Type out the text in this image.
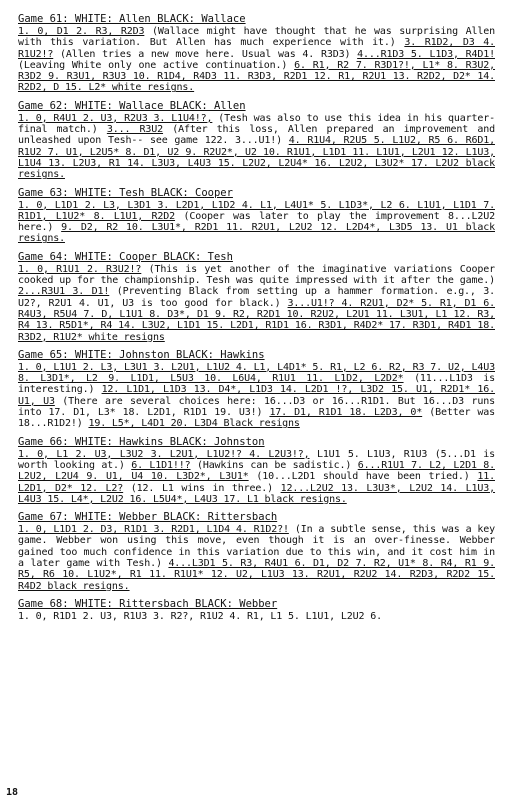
Game 61: WHITE: Allen BLACK: Wallace
1. 0, D1 2. R3, R2D3 (Wallace might have thought that he was surprising Allen with this variation. But Allen has much experience with it.) 3. R1D2, D3 4. R1U2!? (Allen tries a new move here. Usual was 4. R3D3) 4...R1D3 5. L1D3, R4D1! (Leaving White only one active continuation.) 6. R1, R2 7. R3D1?!, L1* 8. R3U2, R3D2 9. R3U1, R3U3 10. R1D4, R4D3 11. R3D3, R2D1 12. R1, R2U1 13. R2D2, D2* 14. R2D2, D 15. L2* white resigns.
Game 62: WHITE: Wallace BLACK: Allen
1. 0, R4U1 2. U3, R2U3 3. L1U4!?, (Tesh was also to use this idea in his quarter-final match.) 3... R3U2 (After this loss, Allen prepared an improvement and unleashed upon Tesh-- see game 122. 3...U1!) 4. R1U4, R2U5 5. L1U2, R5 6. R6D1, R1U2 7. U1, L2U5* 8. D1, U2 9. R2U2*, U2 10. R1U1, L1D1 11. L1U1, L2U1 12. L1U3, L1U4 13. L2U3, R1 14. L3U3, L4U3 15. L2U2, L2U4* 16. L2U2, L3U2* 17. L2U2 black resigns.
Game 63: WHITE: Tesh BLACK: Cooper
1. 0, L1D1 2. L3, L3D1 3. L2D1, L1D2 4. L1, L4U1* 5. L1D3*, L2 6. L1U1, L1D1 7. R1D1, L1U2* 8. L1U1, R2D2 (Cooper was later to play the improvement 8...L2U2 here.) 9. D2, R2 10. L3U1*, R2D1 11. R2U1, L2U2 12. L2D4*, L3D5 13. U1 black resigns.
Game 64: WHITE: Cooper BLACK: Tesh
1. 0, R1U1 2. R3U2!? (This is yet another of the imaginative variations Cooper cooked up for the championship. Tesh was quite impressed with it after the game.) 2...R3U1 3. D1! (Preventing Black from setting up a hammer formation. e.g., 3. U2?, R2U1 4. U1, U3 is too good for black.) 3...U1!? 4. R2U1, D2* 5. R1, D1 6. R4U3, R5U4 7. D, L1U1 8. D3*, D1 9. R2, R2D1 10. R2U2, L2U1 11. L3U1, L1 12. R3, R4 13. R5D1*, R4 14. L3U2, L1D1 15. L2D1, R1D1 16. R3D1, R4D2* 17. R3D1, R4D1 18. R3D2, R1U2* white resigns
Game 65: WHITE: Johnston BLACK: Hawkins
1. 0, L1U1 2. L3, L3U1 3. L2U1, L1U2 4. L1, L4D1* 5. R1, L2 6. R2, R3 7. U2, L4U3 8. L3D1*, L2 9. L1D1, L5U3 10. L6U4, R1U1 11. L1D2, L2D2* (11...L1D3 is interesting.) 12. L1D1, L1D3 13. D4*, L1D3 14. L2D1 !?, L3D2 15. U1, R2D1* 16. U1, U3 (There are several choices here: 16...D3 or 16...R1D1. But 16...D3 runs into 17. D1, L3* 18. L2D1, R1D1 19. U3!) 17. D1, R1D1 18. L2D3, 0* (Better was 18...R1D2!) 19. L5*, L4D1 20. L3D4 Black resigns
Game 66: WHITE: Hawkins BLACK: Johnston
1. 0, L1 2. U3, L3U2 3. L2U1, L1U2!? 4. L2U3!?, L1U1 5. L1U3, R1U3 (5...D1 is worth looking at.) 6. L1D1!!? (Hawkins can be sadistic.) 6...R1U1 7. L2, L2D1 8. L2U2, L2U4 9. U1, U4 10. L3D2*, L3U1* (10...L2D1 should have been tried.) 11. L2D1, D2* 12. L2? (12. L1 wins in three.) 12...L2U2 13. L3U3*, L2U2 14. L1U3, L4U3 15. L4*, L2U2 16. L5U4*, L4U3 17. L1 black resigns.
Game 67: WHITE: Webber BLACK: Rittersbach
1. 0, L1D1 2. D3, R1D1 3. R2D1, L1D4 4. R1D2?! (In a subtle sense, this was a key game. Webber won using this move, even though it is an over-finesse. Webber gained too much confidence in this variation due to this win, and it cost him in a later game with Tesh.) 4...L3D1 5. R3, R4U1 6. D1, D2 7. R2, U1* 8. R4, R1 9. R5, R6 10. L1U2*, R1 11. R1U1* 12. U2, L1U3 13. R2U1, R2U2 14. R2D3, R2D2 15. R4D2 black resigns.
Game 68: WHITE: Rittersbach BLACK: Webber
1. 0, R1D1 2. U3, R1U3 3. R2?, R1U2 4. R1, L1 5. L1U1, L2U2 6.
18
